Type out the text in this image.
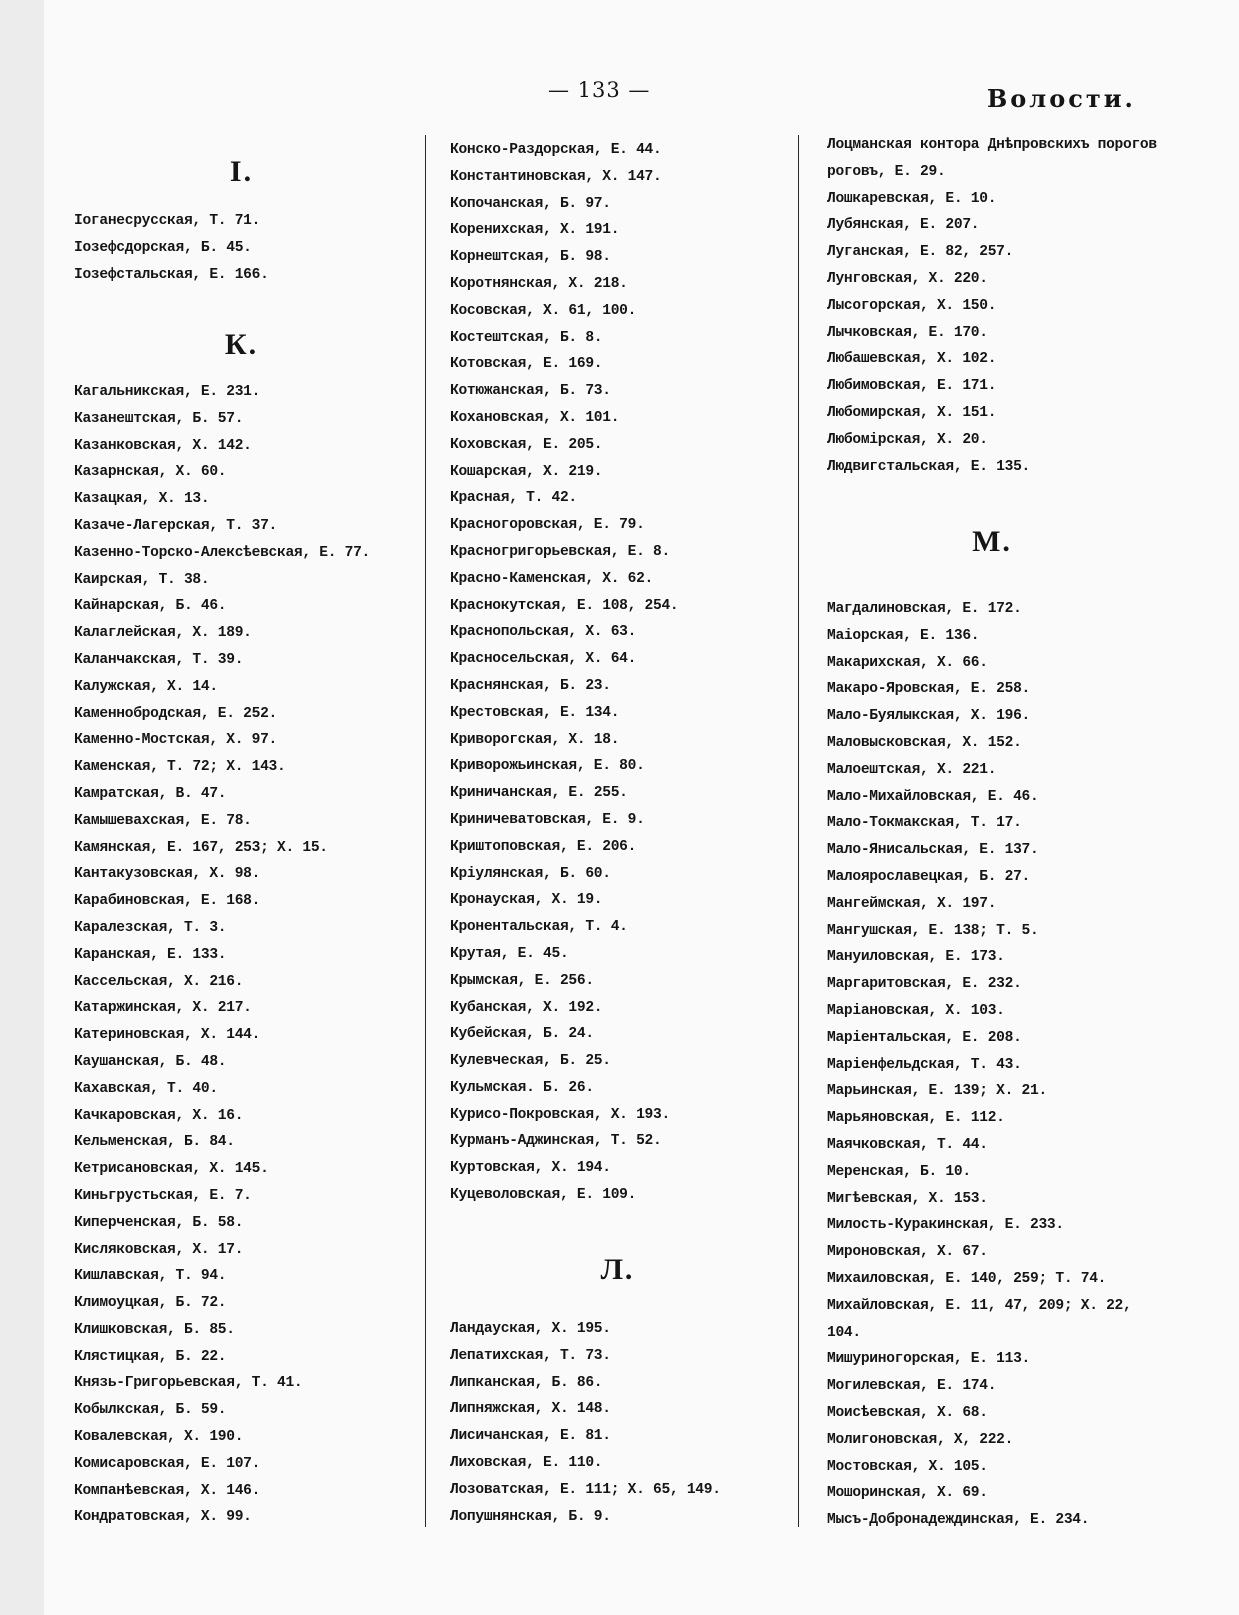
— 133 —	Волости.
I.
Іоганесрусская, Т. 71.
Іозефсдорская, Б. 45.
Іозефстальская, Е. 166.
К.
Кагальникская, Е. 231.
Казанештская, Б. 57.
Казанковская, Х. 142.
Казарнская, Х. 60.
Казацкая, Х. 13.
Казаче-Лагерская, Т. 37.
Казенно-Торско-Алексѣевская, Е. 77.
Каирская, Т. 38.
Кайнарская, Б. 46.
Калаглейская, Х. 189.
Каланчакская, Т. 39.
Калужская, Х. 14.
Каменнобродская, Е. 252.
Каменно-Мостская, Х. 97.
Каменская, Т. 72; Х. 143.
Камратская, В. 47.
Камышевахская, Е. 78.
Камянская, Е. 167, 253; Х. 15.
Кантакузовская, Х. 98.
Карабиновская, Е. 168.
Каралезская, Т. 3.
Каранская, Е. 133.
Кассельская, Х. 216.
Катаржинская, Х. 217.
Катериновская, Х. 144.
Каушанская, Б. 48.
Кахавская, Т. 40.
Качкаровская, Х. 16.
Кельменская, Б. 84.
Кетрисановская, Х. 145.
Киньгрустьская, Е. 7.
Киперченская, Б. 58.
Кисляковская, Х. 17.
Кишлавская, Т. 94.
Климоуцкая, Б. 72.
Клишковская, Б. 85.
Клястицкая, Б. 22.
Князь-Григорьевская, Т. 41.
Кобылкская, Б. 59.
Ковалевская, Х. 190.
Комисаровская, Е. 107.
Компанѣевская, Х. 146.
Кондратовская, Х. 99.
Конско-Раздорская, Е. 44.
Константиновская, Х. 147.
Копочанская, Б. 97.
Коренихская, Х. 191.
Корнештская, Б. 98.
Коротнянская, Х. 218.
Косовская, Х. 61, 100.
Костештская, Б. 8.
Котовская, Е. 169.
Котюжанская, Б. 73.
Кохановская, Х. 101.
Коховская, Е. 205.
Кошарская, Х. 219.
Красная, Т. 42.
Красногоровская, Е. 79.
Красногригорьевская, Е. 8.
Красно-Каменская, Х. 62.
Краснокутская, Е. 108, 254.
Краснопольская, Х. 63.
Красносельская, Х. 64.
Краснянская, Б. 23.
Крестовская, Е. 134.
Криворогская, Х. 18.
Криворожьинская, Е. 80.
Криничанская, Е. 255.
Криничеватовская, Е. 9.
Криштоповская, Е. 206.
Кріулянская, Б. 60.
Кронауская, Х. 19.
Кронентальская, Т. 4.
Крутая, Е. 45.
Крымская, Е. 256.
Кубанская, Х. 192.
Кубейская, Б. 24.
Кулевческая, Б. 25.
Кульмская. Б. 26.
Курисо-Покровская, Х. 193.
Курманъ-Аджинская, Т. 52.
Куртовская, Х. 194.
Куцеволовская, Е. 109.
Л.
Ландауская, Х. 195.
Лепатихская, Т. 73.
Липканская, Б. 86.
Липняжская, Х. 148.
Лисичанская, Е. 81.
Лиховская, Е. 110.
Лозоватская, Е. 111; Х. 65, 149.
Лопушнянская, Б. 9.
Лоцманская контора Днѣпровскихъ порогов
роговъ, Е. 29.
Лошкаревская, Е. 10.
Лубянская, Е. 207.
Луганская, Е. 82, 257.
Лунговская, Х. 220.
Лысогорская, Х. 150.
Лычковская, Е. 170.
Любашевская, Х. 102.
Любимовская, Е. 171.
Любомирская, Х. 151.
Любомірская, Х. 20.
Людвигстальская, Е. 135.
М.
Магдалиновская, Е. 172.
Маіорская, Е. 136.
Макарихская, Х. 66.
Макаро-Яровская, Е. 258.
Мало-Буялыкская, Х. 196.
Маловысковская, Х. 152.
Малоештская, Х. 221.
Мало-Михайловская, Е. 46.
Мало-Токмакская, Т. 17.
Мало-Янисальская, Е. 137.
Малоярославецкая, Б. 27.
Мангеймская, Х. 197.
Мангушская, Е. 138; Т. 5.
Мануиловская, Е. 173.
Маргаритовская, Е. 232.
Маріановская, Х. 103.
Маріентальская, Е. 208.
Маріенфельдская, Т. 43.
Марьинская, Е. 139; Х. 21.
Марьяновская, Е. 112.
Маячковская, Т. 44.
Меренская, Б. 10.
Мигѣевская, Х. 153.
Милость-Куракинская, Е. 233.
Мироновская, Х. 67.
Михаиловская, Е. 140, 259; Т. 74.
Михайловская, Е. 11, 47, 209; Х. 22,
104.
Мишуриногорская, Е. 113.
Могилевская, Е. 174.
Моисѣевская, Х. 68.
Молигоновская, Х, 222.
Мостовская, Х. 105.
Мошоринская, Х. 69.
Мысъ-Добронадеждинская, Е. 234.
